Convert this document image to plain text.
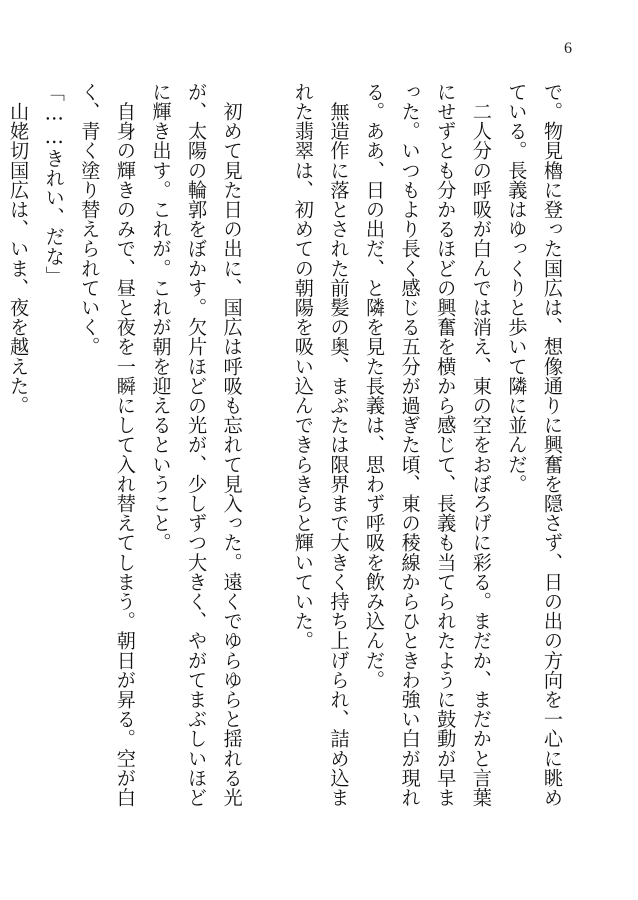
6

で。物見櫓に登った国広は、想像通りに興奮を隠さず、日の出の方向を一心に眺め

ている。長義はゆっくりと歩いて隣に並んだ。

　二人分の呼吸が白んでは消え、東の空をおぼろげに彩る。まだか、まだかと言葉

にせずとも分かるほどの興奮を横から感じて、長義も当てられたように鼓動が早ま

った。いつもより長く感じる五分が過ぎた頃、東の稜線からひときわ強い白が現れ

る。ああ、日の出だ、と隣を見た長義は、思わず呼吸を飲み込んだ。

　無造作に落とされた前髪の奥、まぶたは限界まで大きく持ち上げられ、詰め込ま

れた翡翠は、初めての朝陽を吸い込んできらきらと輝いていた。

　初めて見た日の出に、国広は呼吸も忘れて見入った。遠くでゆらゆらと揺れる光

が、太陽の輪郭をぼかす。欠片ほどの光が、少しずつ大きく、やがてまぶしいほど

に輝き出す。これが。これが朝を迎えるということ。

　自身の輝きのみで、昼と夜を一瞬にして入れ替えてしまう。朝日が昇る。空が白

く、青く塗り替えられていく。

「……きれい、だな」

　山姥切国広は、いま、夜を越えた。
